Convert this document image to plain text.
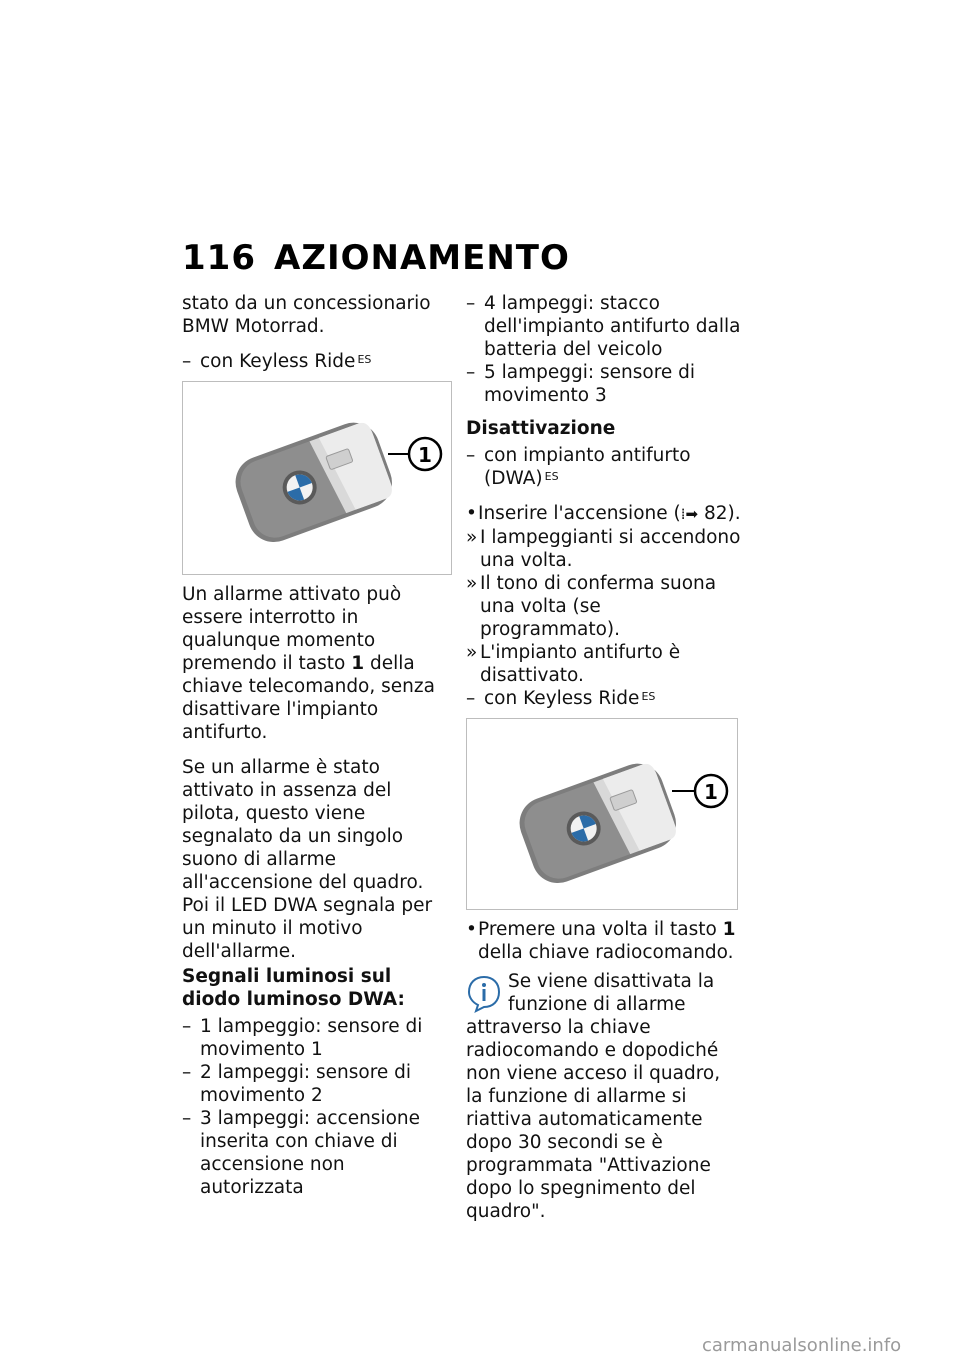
116 AZIONAMENTO

stato da un concessionario BMW Motorrad.

– con Keyless Ride $^{ES}$
1

Un allarme attivato può essere interrotto in qualunque momento premendo il tasto 1 della chiave telecomando, senza disattivare l'impianto antifurto.

Se un allarme è stato attivato in assenza del pilota, questo viene segnalato da un singolo suono di allarme all'accensione del quadro. Poi il LED DWA segnala per un minuto il motivo dell'allarme.

Segnali luminosi sul diodo luminoso DWA:
– 1 lampeggio: sensore di movimento 1
– 2 lampeggi: sensore di movimento 2
– 3 lampeggi: accensione inserita con chiave di accensione non autorizzata
– 4 lampeggi: stacco dell'impianto antifurto dalla batteria del veicolo
– 5 lampeggi: sensore di movimento 3
Disattivazione
– con impianto antifurto (DWA) $^{ES}$
• Inserire l'accensione (⁞➡ 82).
» I lampeggianti si accendono una volta.
» Il tono di conferma suona una volta (se programmato).
» L'impianto antifurto è disattivato.
– con Keyless Ride $^{ES}$
1
• Premere una volta il tasto 1 della chiave radiocomando.
Se viene disattivata la funzione di allarme attraverso la chiave radiocomando e dopodiché non viene acceso il quadro, la funzione di allarme si riattiva automaticamente dopo 30 secondi se è programmata "Attivazione dopo lo spegnimento del quadro".
carmanualsonline.info
